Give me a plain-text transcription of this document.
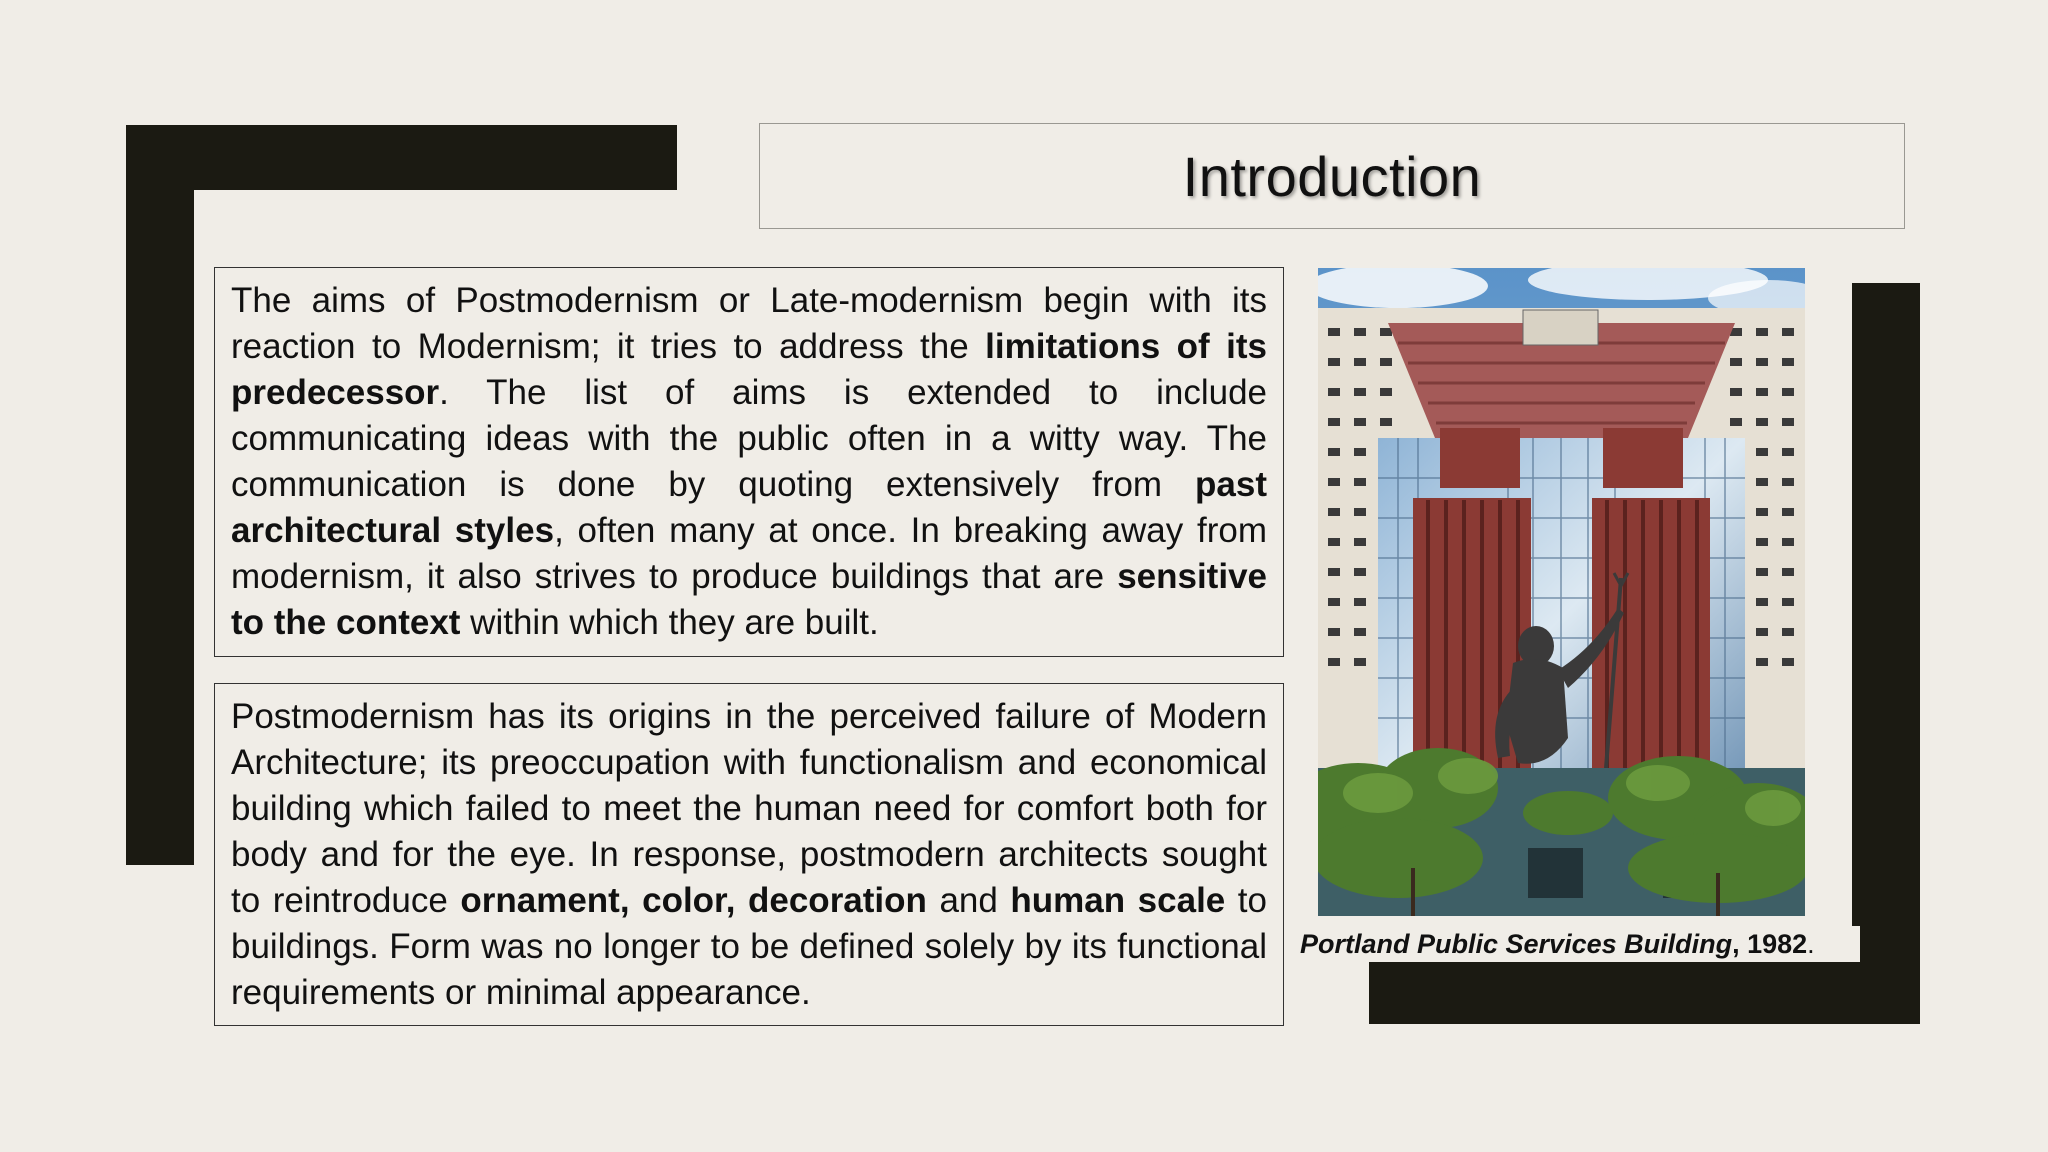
Introduction

The aims of Postmodernism or Late-modernism begin with its reaction to Modernism; it tries to address the limitations of its predecessor. The list of aims is extended to include communicating ideas with the public often in a witty way. The communication is done by quoting extensively from past architectural styles, often many at once. In breaking away from modernism, it also strives to produce buildings that are sensitive to the context within which they are built.

Postmodernism has its origins in the perceived failure of Modern Architecture; its preoccupation with functionalism and economical building which failed to meet the human need for comfort both for body and for the eye. In response, postmodern architects sought to reintroduce ornament, color, decoration and human scale to buildings. Form was no longer to be defined solely by its functional requirements or minimal appearance.

Portland Public Services Building, 1982.
